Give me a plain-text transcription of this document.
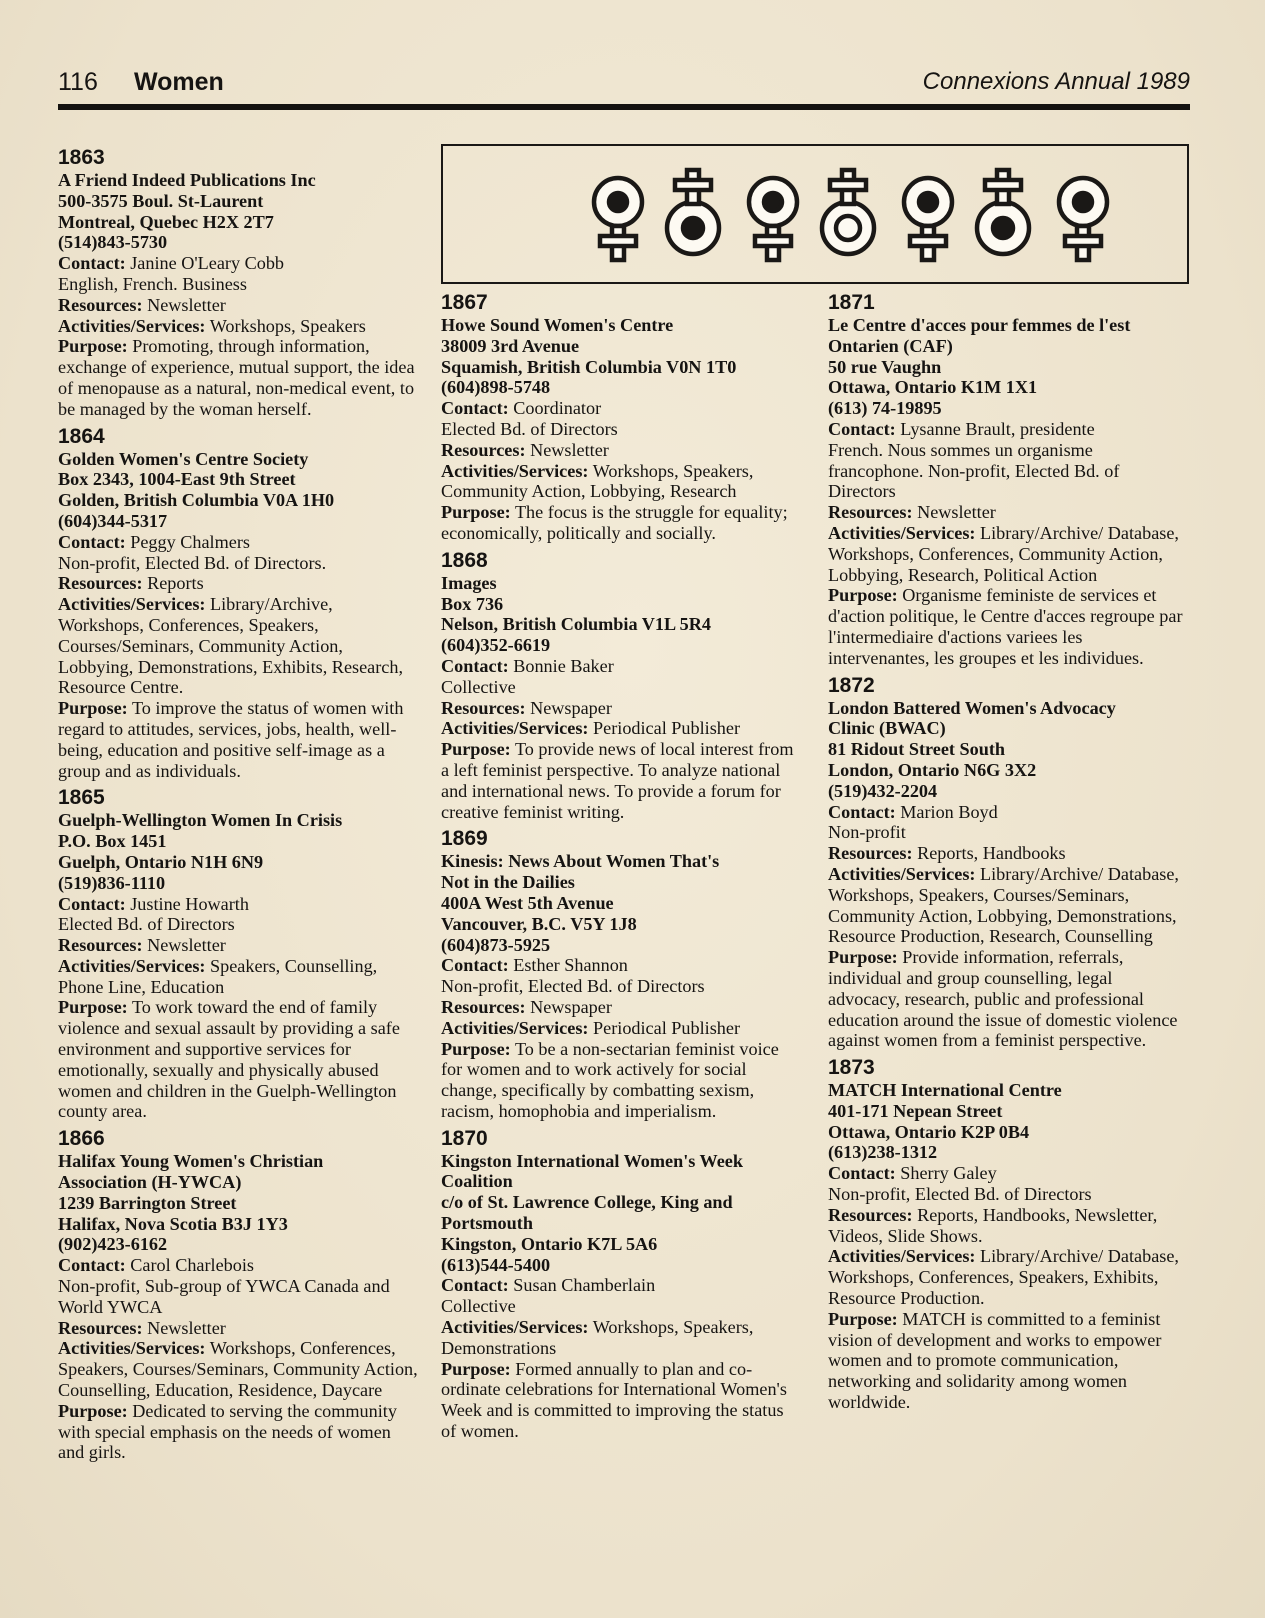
116 Women	Connexions Annual 1989
1863
A Friend Indeed Publications Inc
500-3575 Boul. St-Laurent
Montreal, Quebec H2X 2T7
(514)843-5730
Contact: Janine O'Leary Cobb
English, French. Business
Resources: Newsletter
Activities/Services: Workshops, Speakers
Purpose: Promoting, through information, exchange of experience, mutual support, the idea of menopause as a natural, non-medical event, to be managed by the woman herself.
1864
Golden Women's Centre Society
Box 2343, 1004-East 9th Street
Golden, British Columbia V0A 1H0
(604)344-5317
Contact: Peggy Chalmers
Non-profit, Elected Bd. of Directors.
Resources: Reports
Activities/Services: Library/Archive, Workshops, Conferences, Speakers, Courses/Seminars, Community Action, Lobbying, Demonstrations, Exhibits, Research, Resource Centre.
Purpose: To improve the status of women with regard to attitudes, services, jobs, health, well-being, education and positive self-image as a group and as individuals.
1865
Guelph-Wellington Women In Crisis
P.O. Box 1451
Guelph, Ontario N1H 6N9
(519)836-1110
Contact: Justine Howarth
Elected Bd. of Directors
Resources: Newsletter
Activities/Services: Speakers, Counselling, Phone Line, Education
Purpose: To work toward the end of family violence and sexual assault by providing a safe environment and supportive services for emotionally, sexually and physically abused women and children in the Guelph-Wellington county area.
1866
Halifax Young Women's Christian
Association (H-YWCA)
1239 Barrington Street
Halifax, Nova Scotia B3J 1Y3
(902)423-6162
Contact: Carol Charlebois
Non-profit, Sub-group of YWCA Canada and World YWCA
Resources: Newsletter
Activities/Services: Workshops, Conferences, Speakers, Courses/Seminars, Community Action, Counselling, Education, Residence, Daycare
Purpose: Dedicated to serving the community with special emphasis on the needs of women and girls.
1867
Howe Sound Women's Centre
38009 3rd Avenue
Squamish, British Columbia V0N 1T0
(604)898-5748
Contact: Coordinator
Elected Bd. of Directors
Resources: Newsletter
Activities/Services: Workshops, Speakers, Community Action, Lobbying, Research
Purpose: The focus is the struggle for equality; economically, politically and socially.
1868
Images
Box 736
Nelson, British Columbia V1L 5R4
(604)352-6619
Contact: Bonnie Baker
Collective
Resources: Newspaper
Activities/Services: Periodical Publisher
Purpose: To provide news of local interest from a left feminist perspective. To analyze national and international news. To provide a forum for creative feminist writing.
1869
Kinesis: News About Women That's
Not in the Dailies
400A West 5th Avenue
Vancouver, B.C. V5Y 1J8
(604)873-5925
Contact: Esther Shannon
Non-profit, Elected Bd. of Directors
Resources: Newspaper
Activities/Services: Periodical Publisher
Purpose: To be a non-sectarian feminist voice for women and to work actively for social change, specifically by combatting sexism, racism, homophobia and imperialism.
1870
Kingston International Women's Week
Coalition
c/o of St. Lawrence College, King and
Portsmouth
Kingston, Ontario K7L 5A6
(613)544-5400
Contact: Susan Chamberlain
Collective
Activities/Services: Workshops, Speakers, Demonstrations
Purpose: Formed annually to plan and co-ordinate celebrations for International Women's Week and is committed to improving the status of women.
1871
Le Centre d'acces pour femmes de l'est
Ontarien (CAF)
50 rue Vaughn
Ottawa, Ontario K1M 1X1
(613) 74-19895
Contact: Lysanne Brault, presidente
French. Nous sommes un organisme francophone. Non-profit, Elected Bd. of Directors
Resources: Newsletter
Activities/Services: Library/Archive/ Database, Workshops, Conferences, Community Action, Lobbying, Research, Political Action
Purpose: Organisme feministe de services et d'action politique, le Centre d'acces regroupe par l'intermediaire d'actions variees les intervenantes, les groupes et les individues.
1872
London Battered Women's Advocacy
Clinic (BWAC)
81 Ridout Street South
London, Ontario N6G 3X2
(519)432-2204
Contact: Marion Boyd
Non-profit
Resources: Reports, Handbooks
Activities/Services: Library/Archive/ Database, Workshops, Speakers, Courses/Seminars, Community Action, Lobbying, Demonstrations, Resource Production, Research, Counselling
Purpose: Provide information, referrals, individual and group counselling, legal advocacy, research, public and professional education around the issue of domestic violence against women from a feminist perspective.
1873
MATCH International Centre
401-171 Nepean Street
Ottawa, Ontario K2P 0B4
(613)238-1312
Contact: Sherry Galey
Non-profit, Elected Bd. of Directors
Resources: Reports, Handbooks, Newsletter, Videos, Slide Shows.
Activities/Services: Library/Archive/ Database, Workshops, Conferences, Speakers, Exhibits, Resource Production.
Purpose: MATCH is committed to a feminist vision of development and works to empower women and to promote communication, networking and solidarity among women worldwide.
